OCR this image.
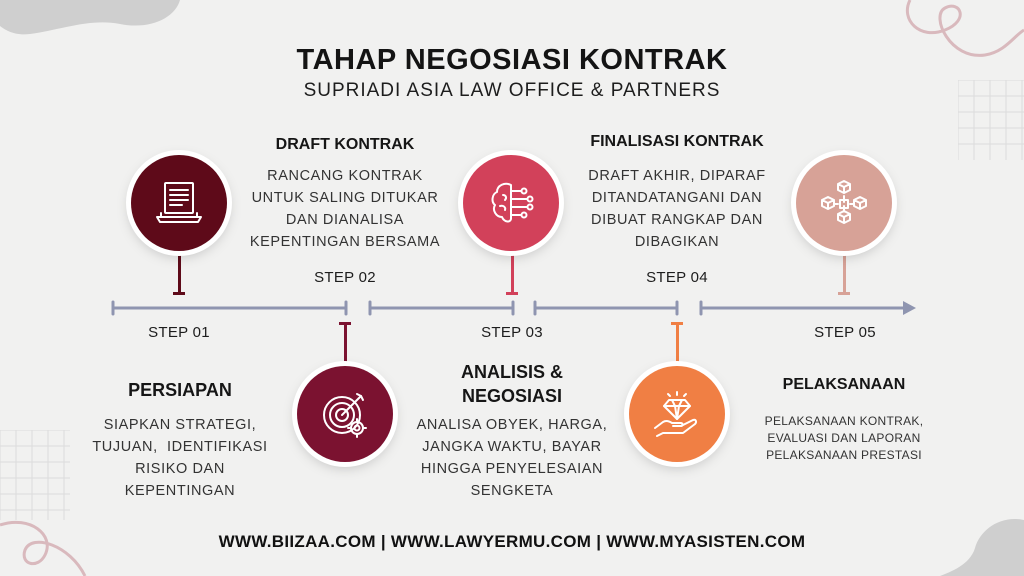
TAHAP NEGOSIASI KONTRAK
SUPRIADI ASIA LAW OFFICE & PARTNERS
STEP 01
STEP 02
STEP 03
STEP 04
STEP 05
PERSIAPAN
SIAPKAN STRATEGI,
TUJUAN,  IDENTIFIKASI
RISIKO DAN
KEPENTINGAN
DRAFT KONTRAK
RANCANG KONTRAK
UNTUK SALING DITUKAR
DAN DIANALISA
KEPENTINGAN BERSAMA
ANALISIS &
NEGOSIASI
ANALISA OBYEK, HARGA,
JANGKA WAKTU, BAYAR
HINGGA PENYELESAIAN
SENGKETA
FINALISASI KONTRAK
DRAFT AKHIR, DIPARAF
DITANDATANGANI DAN
DIBUAT RANGKAP DAN
DIBAGIKAN
PELAKSANAAN
PELAKSANAAN KONTRAK,
EVALUASI DAN LAPORAN
PELAKSANAAN PRESTASI
WWW.BIIZAA.COM | WWW.LAWYERMU.COM | WWW.MYASISTEN.COM
